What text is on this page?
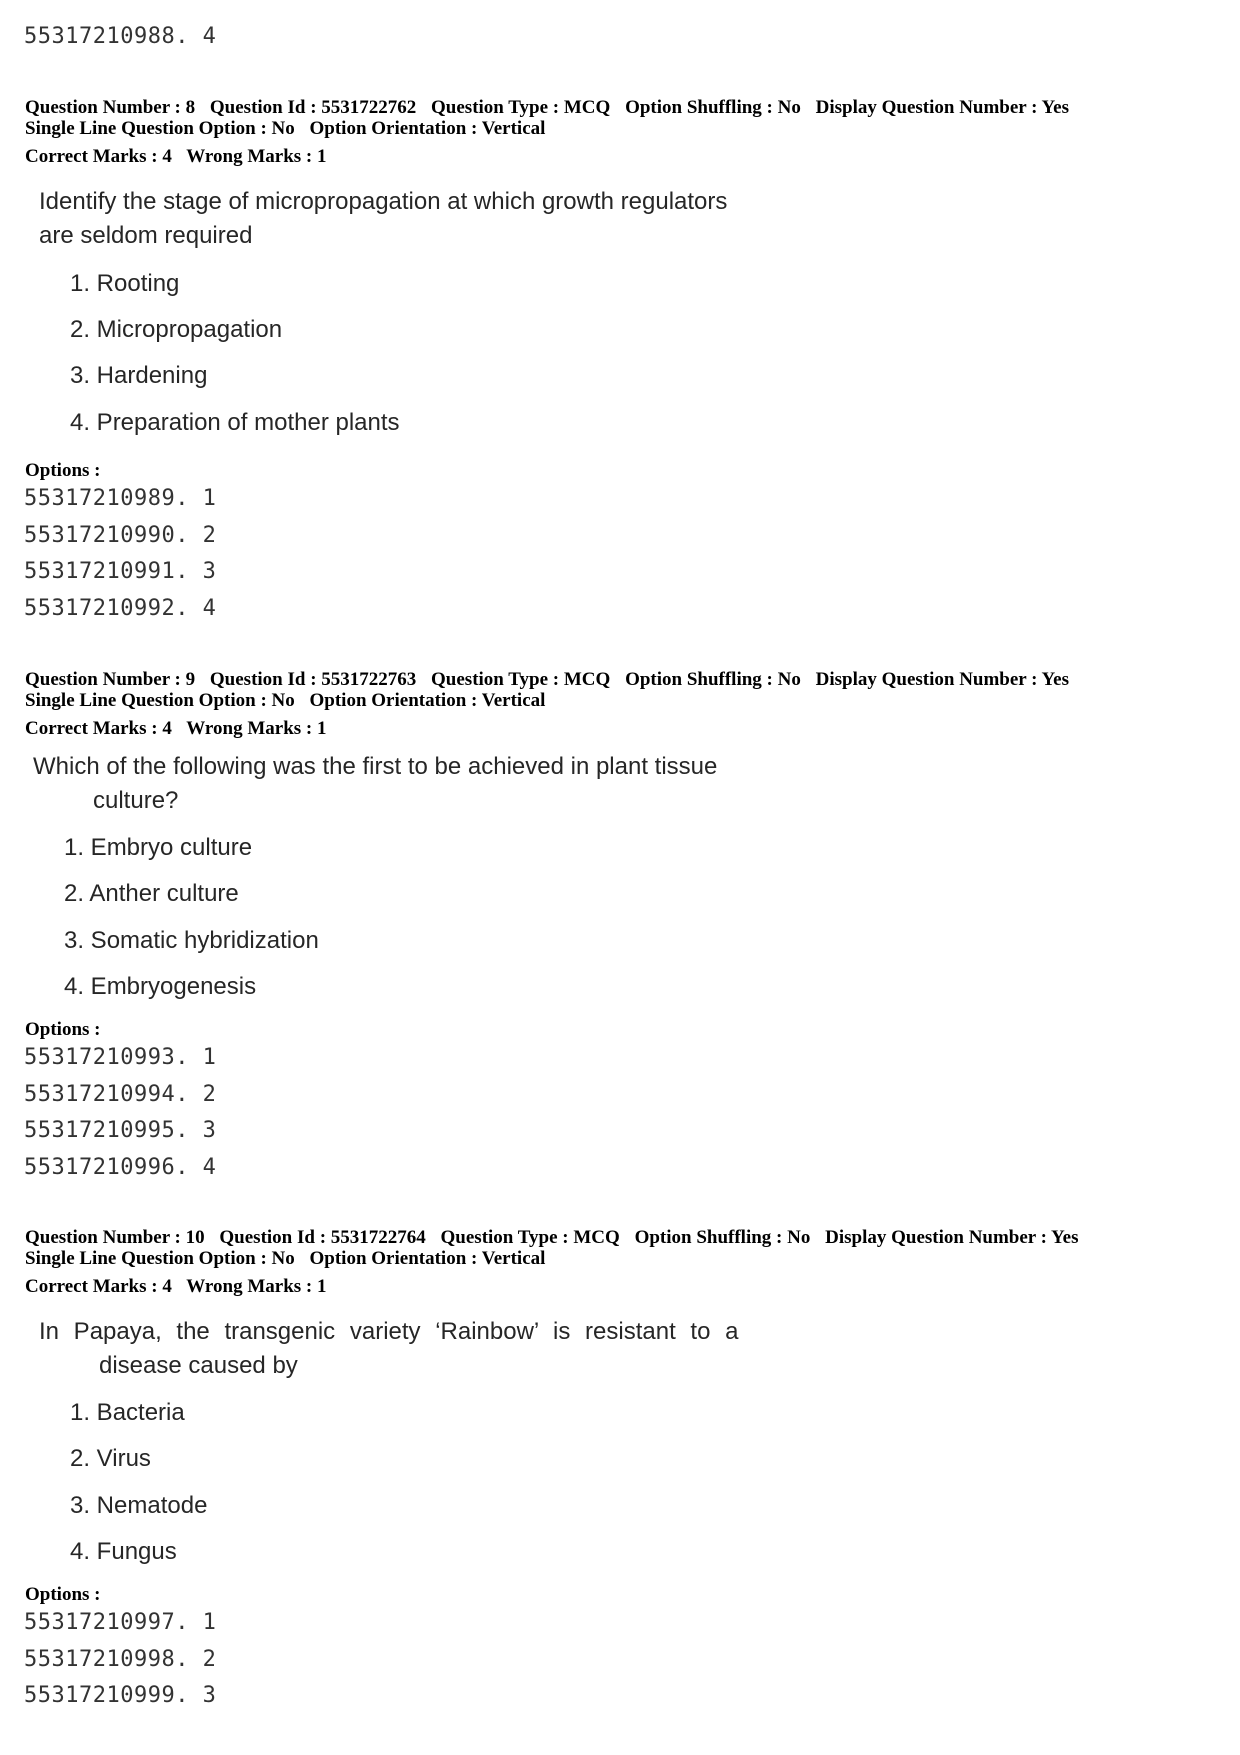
55317210988. 4
Question Number : 8 Question Id : 5531722762 Question Type : MCQ Option Shuffling : No Display Question Number : Yes
Single Line Question Option : No Option Orientation : Vertical
Correct Marks : 4 Wrong Marks : 1
Identify the stage of micropropagation at which growth regulators
are seldom required
1. Rooting
2. Micropropagation
3. Hardening
4. Preparation of mother plants
Options :
55317210989. 1
55317210990. 2
55317210991. 3
55317210992. 4
Question Number : 9 Question Id : 5531722763 Question Type : MCQ Option Shuffling : No Display Question Number : Yes
Single Line Question Option : No Option Orientation : Vertical
Correct Marks : 4 Wrong Marks : 1
Which of the following was the first to be achieved in plant tissue
culture?
1. Embryo culture
2. Anther culture
3. Somatic hybridization
4. Embryogenesis
Options :
55317210993. 1
55317210994. 2
55317210995. 3
55317210996. 4
Question Number : 10 Question Id : 5531722764 Question Type : MCQ Option Shuffling : No Display Question Number : Yes
Single Line Question Option : No Option Orientation : Vertical
Correct Marks : 4 Wrong Marks : 1
In Papaya, the transgenic variety ‘Rainbow’ is resistant to a
disease caused by
1. Bacteria
2. Virus
3. Nematode
4. Fungus
Options :
55317210997. 1
55317210998. 2
55317210999. 3
